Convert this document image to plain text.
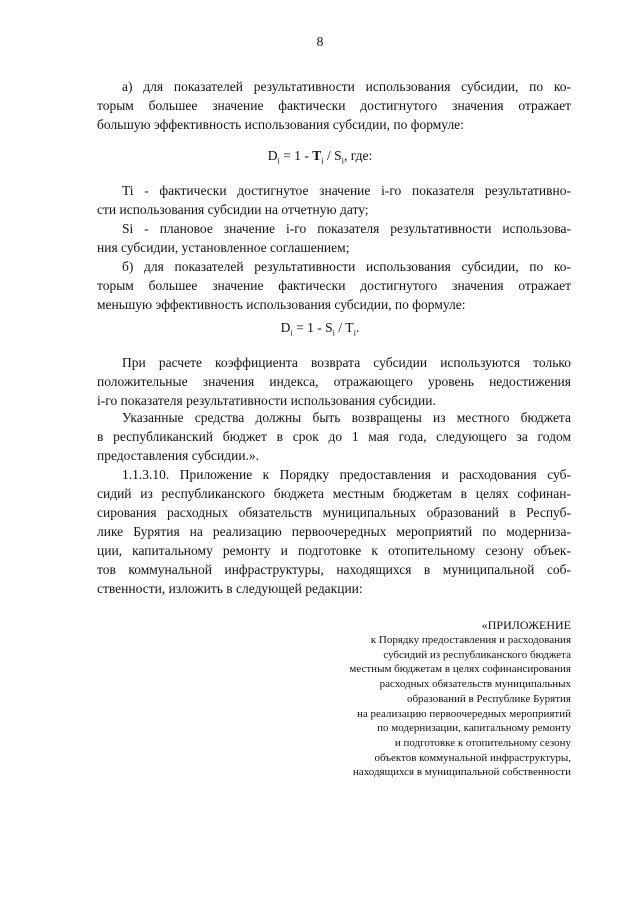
8
а) для показателей результативности использования субсидии, по ко-
торым большее значение фактически достигнутого значения отражает
большую эффективность использования субсидии, по формуле:
$D_i = 1 - T_i / S_i$, где:
Ti - фактически достигнутое значение i-го показателя результативно-
сти использования субсидии на отчетную дату;
Si - плановое значение i-го показателя результативности использова-
ния субсидии, установленное соглашением;
б) для показателей результативности использования субсидии, по ко-
торым большее значение фактически достигнутого значения отражает
меньшую эффективность использования субсидии, по формуле:
$D_i = 1 - S_i / T_i$.
При расчете коэффициента возврата субсидии используются только
положительные значения индекса, отражающего уровень недостижения
i-го показателя результативности использования субсидии.
Указанные средства должны быть возвращены из местного бюджета
в республиканский бюджет в срок до 1 мая года, следующего за годом
предоставления субсидии.».
1.1.3.10. Приложение к Порядку предоставления и расходования суб-
сидий из республиканского бюджета местным бюджетам в целях софинан-
сирования расходных обязательств муниципальных образований в Респуб-
лике Бурятия на реализацию первоочередных мероприятий по модерниза-
ции, капитальному ремонту и подготовке к отопительному сезону объек-
тов коммунальной инфраструктуры, находящихся в муниципальной соб-
ственности, изложить в следующей редакции:
«ПРИЛОЖЕНИЕ
к Порядку предоставления и расходования
субсидий из республиканского бюджета
местным бюджетам в целях софинансирования
расходных обязательств муниципальных
образований в Республике Бурятия
на реализацию первоочередных мероприятий
по модернизации, капитальному ремонту
и подготовке к отопительному сезону
объектов коммунальной инфраструктуры,
находящихся в муниципальной собственности
